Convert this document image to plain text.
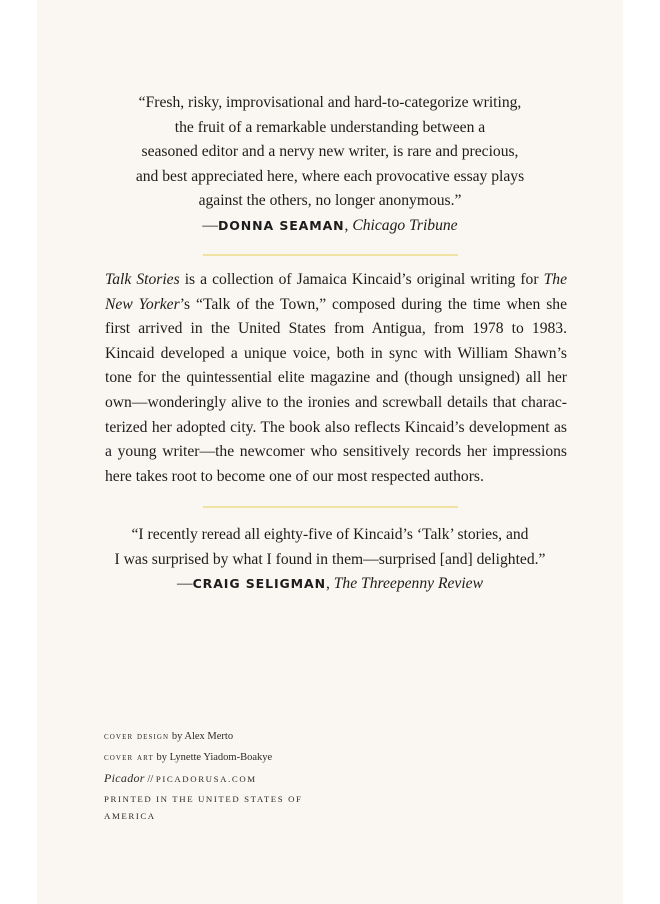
“Fresh, risky, improvisational and hard-to-categorize writing,
the fruit of a remarkable understanding between a
seasoned editor and a nervy new writer, is rare and precious,
and best appreciated here, where each provocative essay plays
against the others, no longer anonymous.”
—DONNA SEAMAN, Chicago Tribune
Talk Stories is a collection of Jamaica Kincaid’s original writing for The
New Yorker’s “Talk of the Town,” composed during the time when she
first arrived in the United States from Antigua, from 1978 to 1983.
Kincaid developed a unique voice, both in sync with William Shawn’s
tone for the quintessential elite magazine and (though unsigned) all her
own—wonderingly alive to the ironies and screwball details that charac-
terized her adopted city. The book also reflects Kincaid’s development as
a young writer—the newcomer who sensitively records her impressions
here takes root to become one of our most respected authors.
“I recently reread all eighty-five of Kincaid’s ‘Talk’ stories, and
I was surprised by what I found in them—surprised [and] delighted.”
—CRAIG SELIGMAN, The Threepenny Review
cover design by Alex Merto
cover art by Lynette Yiadom-Boakye
Picador // PICADORUSA.COM
PRINTED IN THE UNITED STATES OF
AMERICA
